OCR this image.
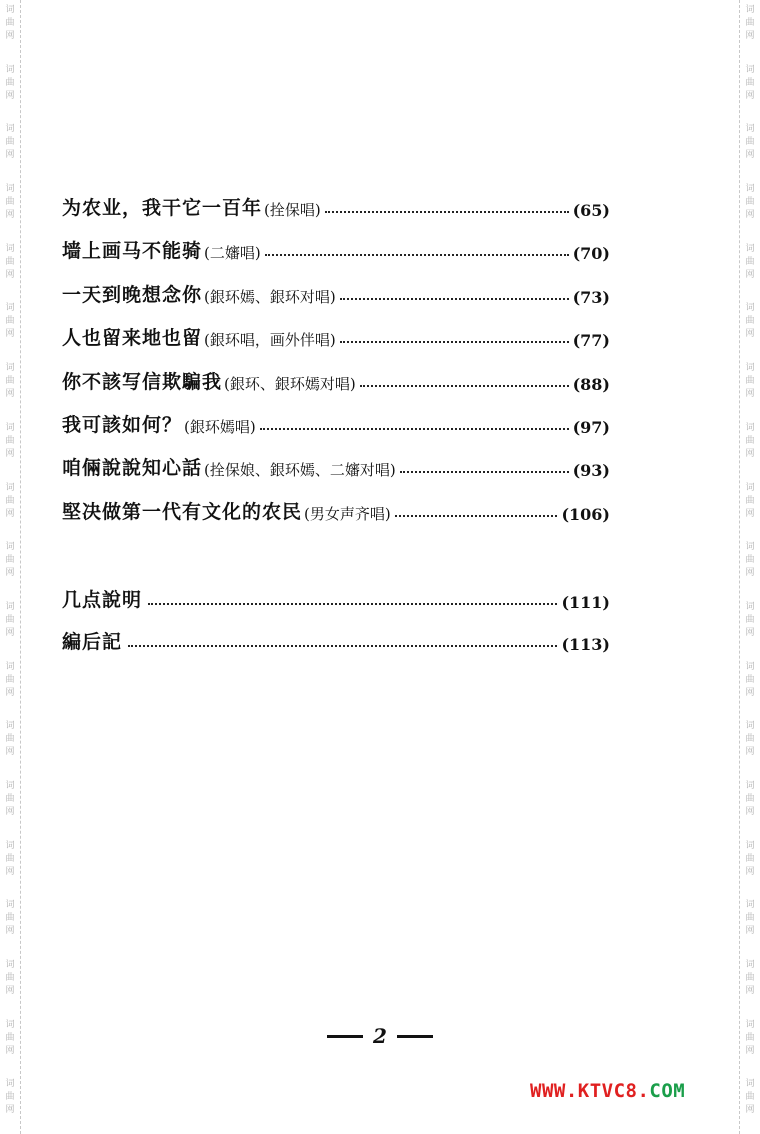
词
曲
网
词
曲
网
词
曲
网
词
曲
网
词
曲
网
词
曲
网
词
曲
网
词
曲
网
词
曲
网
词
曲
网
词
曲
网
词
曲
网
词
曲
网
词
曲
网
词
曲
网
词
曲
网
词
曲
网
词
曲
网
词
曲
网
词
曲
网
词
曲
网
词
曲
网
词
曲
网
词
曲
网
词
曲
网
词
曲
网
词
曲
网
词
曲
网
词
曲
网
词
曲
网
词
曲
网
词
曲
网
词
曲
网
词
曲
网
词
曲
网
词
曲
网
词
曲
网
词
曲
网
为农业，我干它一百年 (拴保唱)	(65)
墙上画马不能骑 (二嬸唱)	(70)
一天到晚想念你 (銀环嫣、銀环对唱)	(73)
人也留来地也留 (銀环唱，画外伴唱)	(77)
你不該写信欺騙我 (銀环、銀环嫣对唱)	(88)
我可該如何？ (銀环嫣唱)	(97)
咱倆說說知心話 (拴保娘、銀环嫣、二嬸对唱)	(93)
堅决做第一代有文化的农民 (男女声齐唱)	(106)
几点說明	(111)
編后記	(113)
2
WWW.KTVC8.COM
